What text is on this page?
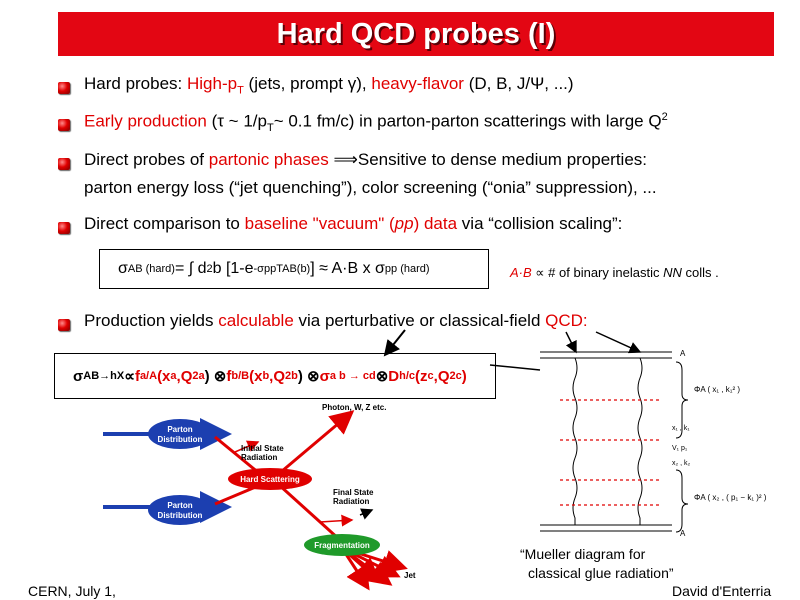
Hard QCD probes (I)
Hard probes: High-$p_T$ (jets, prompt γ), heavy-flavor (D, B, J/Ψ, ...)
Early production (τ ~ $1/p_T\sim$ 0.1 fm/c) in parton-parton scatterings with large $Q^2$
Direct probes of partonic phases ⟹Sensitive to dense medium properties:
parton energy loss (“jet quenching”), color screening (“onia” suppression), ...
Direct comparison to baseline "vacuum" (pp) data via “collision scaling”:
σ AB (hard) = ∫ d 2 b [1-e -σppTAB(b) ] ≈ A·B x σ pp (hard)	A·B ∝ # of binary inelastic NN colls .
Production yields calculable via perturbative or classical-field QCD:
σ AB→hX ∝ f a/A (x a ,Q 2 a ) ⊗ f b/B (x b ,Q 2 b ) ⊗ σ a b → cd ⊗ D h/c (z c ,Q 2 c )
Photon, W, Z etc.
Parton
Distribution
Parton
Distribution
Initial State
Radiation
Hard Scattering
Final State
Radiation
Fragmentation
Jet
A
A
ΦA ( x₁ , k₁² )
x₁ , k₁
V₁ p₁
x₂ , k₂
ΦA ( x₂ , ( p₁ − k₁ )² )
“Mueller diagram for
classical glue radiation”
CERN, July 1,	David d'Enterria
